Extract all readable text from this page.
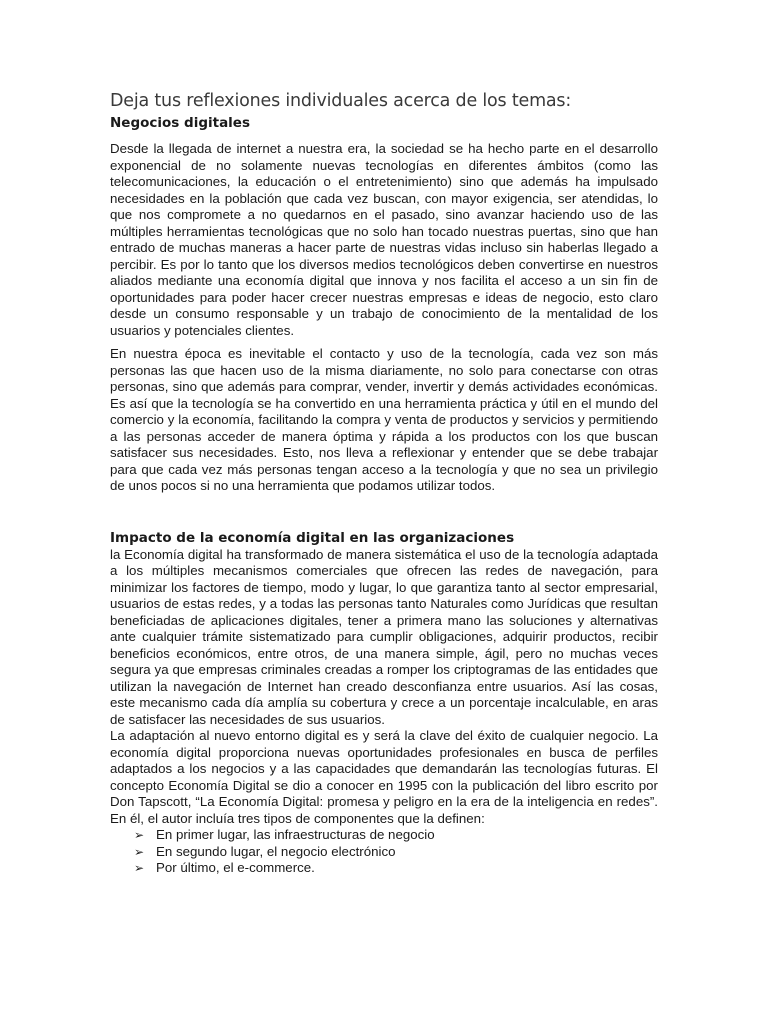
Deja tus reflexiones individuales acerca de los temas:
Negocios digitales

Desde la llegada de internet a nuestra era, la sociedad se ha hecho parte en el desarrollo exponencial de no solamente nuevas tecnologías en diferentes ámbitos (como las telecomunicaciones, la educación o el entretenimiento) sino que además ha impulsado necesidades en la población que cada vez buscan, con mayor exigencia, ser atendidas, lo que nos compromete a no quedarnos en el pasado, sino avanzar haciendo uso de las múltiples herramientas tecnológicas que no solo han tocado nuestras puertas, sino que han entrado de muchas maneras a hacer parte de nuestras vidas incluso sin haberlas llegado a percibir. Es por lo tanto que los diversos medios tecnológicos deben convertirse en nuestros aliados mediante una economía digital que innova y nos facilita el acceso a un sin fin de oportunidades para poder hacer crecer nuestras empresas e ideas de negocio, esto claro desde un consumo responsable y un trabajo de conocimiento de la mentalidad de los usuarios y potenciales clientes.

En nuestra época es inevitable el contacto y uso de la tecnología, cada vez son más personas las que hacen uso de la misma diariamente, no solo para conectarse con otras personas, sino que además para comprar, vender, invertir y demás actividades económicas. Es así que la tecnología se ha convertido en una herramienta práctica y útil en el mundo del comercio y la economía, facilitando la compra y venta de productos y servicios y permitiendo a las personas acceder de manera óptima y rápida a los productos con los que buscan satisfacer sus necesidades. Esto, nos lleva a reflexionar y entender que se debe trabajar para que cada vez más personas tengan acceso a la tecnología y que no sea un privilegio de unos pocos si no una herramienta que podamos utilizar todos.

Impacto de la economía digital en las organizaciones

la Economía digital ha transformado de manera sistemática el uso de la tecnología adaptada a los múltiples mecanismos comerciales que ofrecen las redes de navegación, para minimizar los factores de tiempo, modo y lugar, lo que garantiza tanto al sector empresarial, usuarios de estas redes, y a todas las personas tanto Naturales como Jurídicas que resultan beneficiadas de aplicaciones digitales, tener a primera mano las soluciones y alternativas ante cualquier trámite sistematizado para cumplir obligaciones, adquirir productos, recibir beneficios económicos, entre otros, de una manera simple, ágil, pero no muchas veces segura ya que empresas criminales creadas a romper los criptogramas de las entidades que utilizan la navegación de Internet han creado desconfianza entre usuarios. Así las cosas, este mecanismo cada día amplía su cobertura y crece a un porcentaje incalculable, en aras de satisfacer las necesidades de sus usuarios.

La adaptación al nuevo entorno digital es y será la clave del éxito de cualquier negocio. La economía digital proporciona nuevas oportunidades profesionales en busca de perfiles adaptados a los negocios y a las capacidades que demandarán las tecnologías futuras. El concepto Economía Digital se dio a conocer en 1995 con la publicación del libro escrito por Don Tapscott, “La Economía Digital: promesa y peligro en la era de la inteligencia en redes”. En él, el autor incluía tres tipos de componentes que la definen:

➢ En primer lugar, las infraestructuras de negocio
➢ En segundo lugar, el negocio electrónico
➢ Por último, el e-commerce.
